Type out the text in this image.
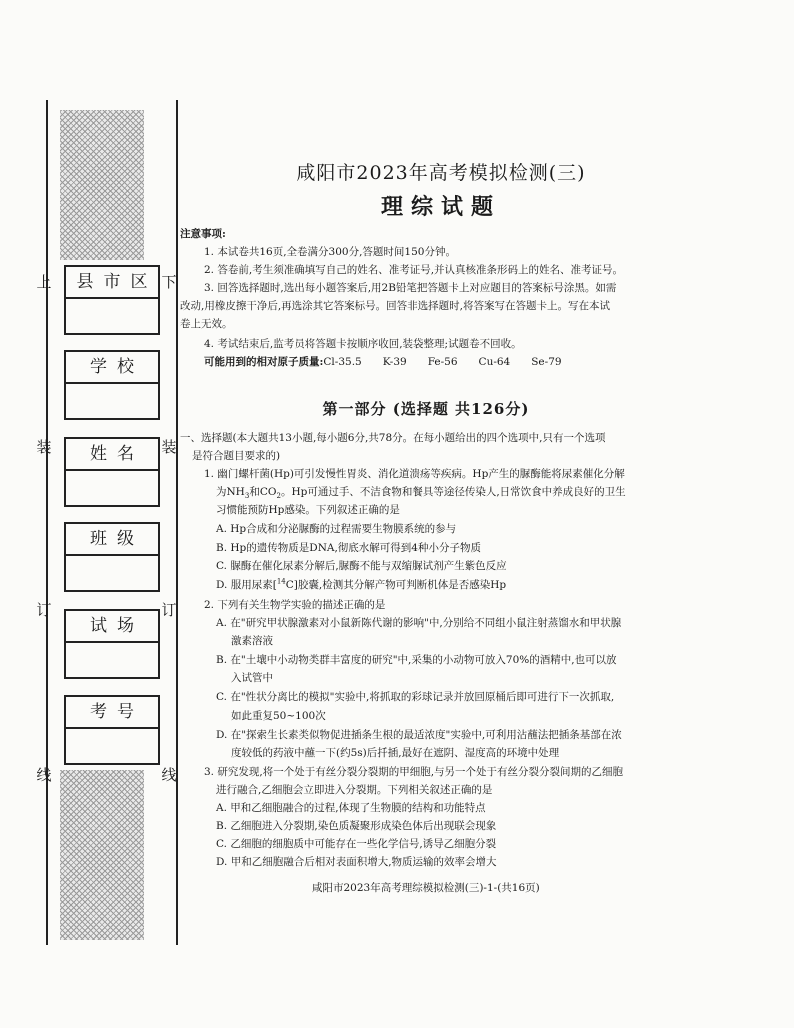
上	下
装	装
订	订
线	线
县市区
学校
姓名
班级
试场
考号
咸阳市2023年高考模拟检测(三)
理综试题
注意事项:
1. 本试卷共16页,全卷满分300分,答题时间150分钟。
2. 答卷前,考生须准确填写自己的姓名、准考证号,并认真核准条形码上的姓名、准考证号。
3. 回答选择题时,选出每小题答案后,用2B铅笔把答题卡上对应题目的答案标号涂黑。如需
改动,用橡皮擦干净后,再选涂其它答案标号。回答非选择题时,将答案写在答题卡上。写在本试
卷上无效。
4. 考试结束后,监考员将答题卡按顺序收回,装袋整理;试题卷不回收。
可能用到的相对原子质量:Cl-35.5　　K-39　　Fe-56　　Cu-64　　Se-79
第一部分 (选择题 共126分)
一、选择题(本大题共13小题,每小题6分,共78分。在每小题给出的四个选项中,只有一个选项
是符合题目要求的)
1. 幽门螺杆菌(Hp)可引发慢性胃炎、消化道溃疡等疾病。Hp产生的脲酶能将尿素催化分解
为$NH_3$和$CO_2$。Hp可通过手、不洁食物和餐具等途径传染人,日常饮食中养成良好的卫生
习惯能预防Hp感染。下列叙述正确的是
A. Hp合成和分泌脲酶的过程需要生物膜系统的参与
B. Hp的遗传物质是DNA,彻底水解可得到4种小分子物质
C. 脲酶在催化尿素分解后,脲酶不能与双缩脲试剂产生紫色反应
D. 服用尿素[$^{14}$C]胶囊,检测其分解产物可判断机体是否感染Hp
2. 下列有关生物学实验的描述正确的是
A. 在"研究甲状腺激素对小鼠新陈代谢的影响"中,分别给不同组小鼠注射蒸馏水和甲状腺
激素溶液
B. 在"土壤中小动物类群丰富度的研究"中,采集的小动物可放入70%的酒精中,也可以放
入试管中
C. 在"性状分离比的模拟"实验中,将抓取的彩球记录并放回原桶后即可进行下一次抓取,
如此重复50~100次
D. 在"探索生长素类似物促进插条生根的最适浓度"实验中,可利用沾蘸法把插条基部在浓
度较低的药液中蘸一下(约5s)后扦插,最好在遮阴、湿度高的环境中处理
3. 研究发现,将一个处于有丝分裂分裂期的甲细胞,与另一个处于有丝分裂分裂间期的乙细胞
进行融合,乙细胞会立即进入分裂期。下列相关叙述正确的是
A. 甲和乙细胞融合的过程,体现了生物膜的结构和功能特点
B. 乙细胞进入分裂期,染色质凝聚形成染色体后出现联会现象
C. 乙细胞的细胞质中可能存在一些化学信号,诱导乙细胞分裂
D. 甲和乙细胞融合后相对表面积增大,物质运输的效率会增大
咸阳市2023年高考理综模拟检测(三)-1-(共16页)
